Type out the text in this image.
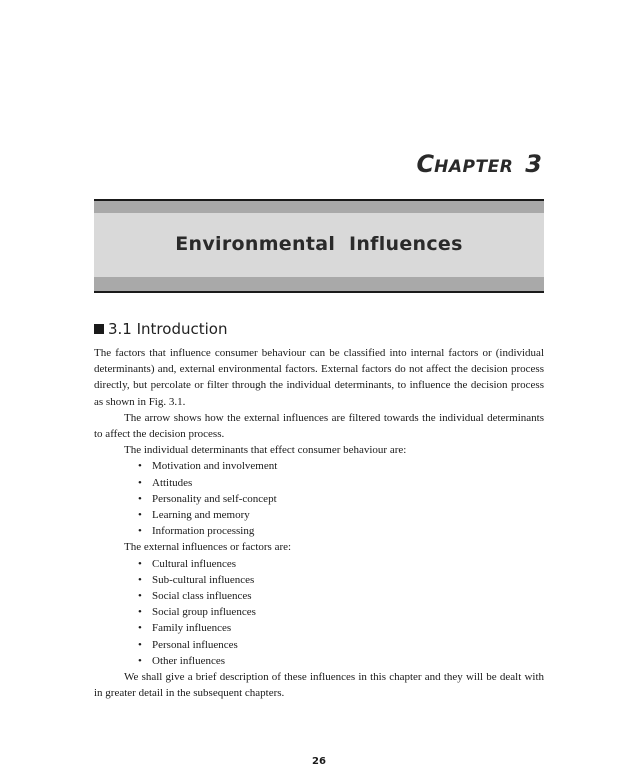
CHAPTER 3
Environmental  Influences
3.1 Introduction

The factors that influence consumer behaviour can be classified into internal factors or (individual determinants) and, external environmental factors. External factors do not affect the decision process directly, but percolate or filter through the individual determinants, to influence the decision process as shown in Fig. 3.1.

The arrow shows how the external influences are filtered towards the individual determinants to affect the decision process.

The individual determinants that effect consumer behaviour are:

• Motivation and involvement
• Attitudes
• Personality and self-concept
• Learning and memory
• Information processing

The external influences or factors are:

• Cultural influences
• Sub-cultural influences
• Social class influences
• Social group influences
• Family influences
• Personal influences
• Other influences

We shall give a brief description of these influences in this chapter and they will be dealt with in greater detail in the subsequent chapters.

26
